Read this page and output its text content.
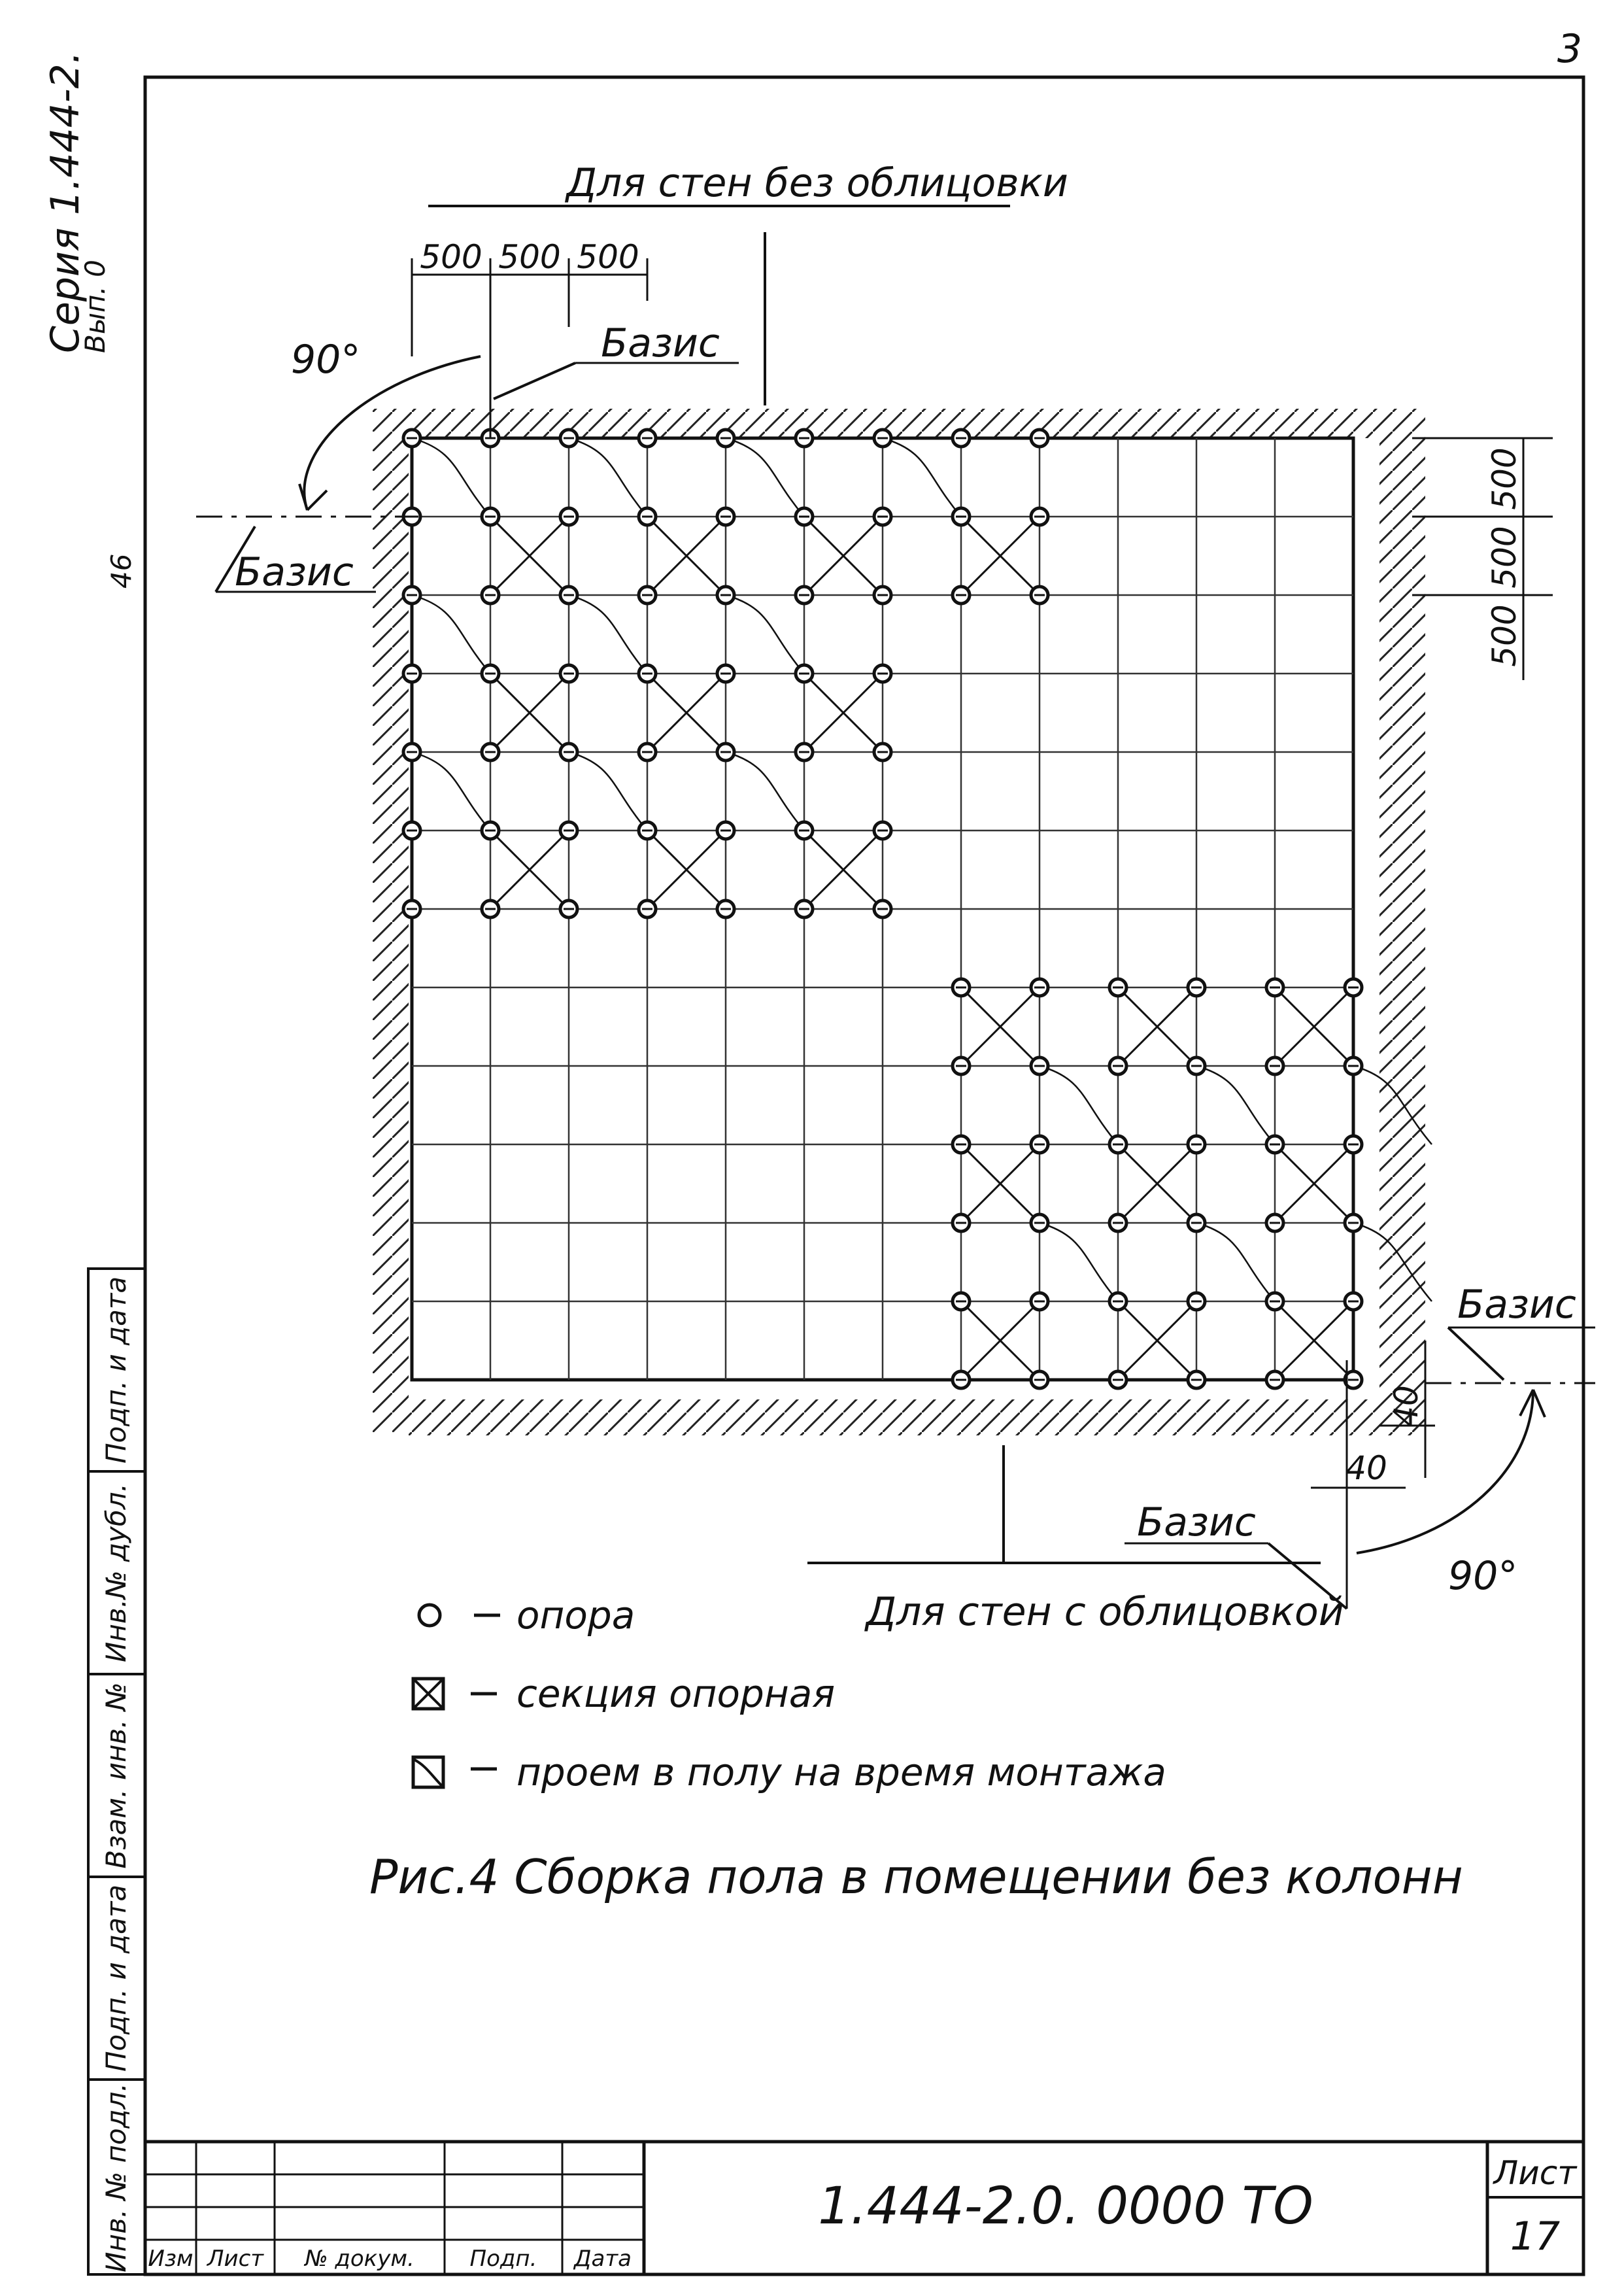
3
Серия 1.444-2.
Вып. 0
46
Для стен без облицовки
Для стен с облицовкой
500 500 500
500
500
500
90°	Базис
Базис
40
40
Базис
Базис
90°
опора
секция опорная
проем в полу на время монтажа
Рис.4 Сборка пола в помещении без колонн
Подп. и дата
Инв.№ дубл.
Взам. инв. №
Подп. и дата
Инв. № подл. Изм Лист № докум. Подп. Дата
1.444-2.0. 0000 ТО
Лист
17
